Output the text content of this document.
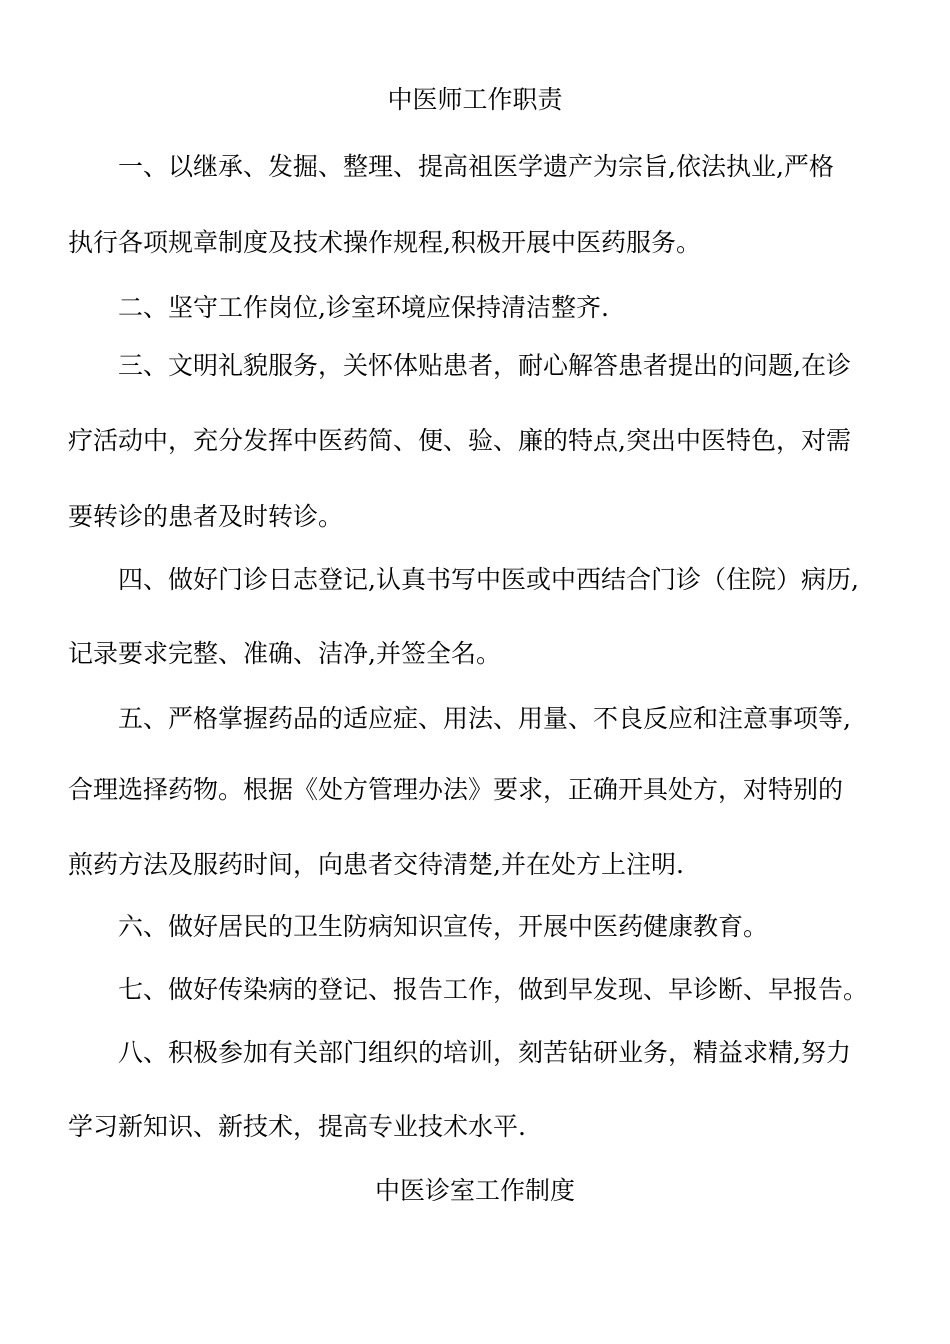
中医师工作职责
一、以继承、发掘、整理、提高祖医学遗产为宗旨,依法执业,严格
执行各项规章制度及技术操作规程,积极开展中医药服务。
二、坚守工作岗位,诊室环境应保持清洁整齐.
三、文明礼貌服务，关怀体贴患者，耐心解答患者提出的问题,在诊
疗活动中，充分发挥中医药简、便、验、廉的特点,突出中医特色，对需
要转诊的患者及时转诊。
四、做好门诊日志登记,认真书写中医或中西结合门诊（住院）病历,
记录要求完整、准确、洁净,并签全名。
五、严格掌握药品的适应症、用法、用量、不良反应和注意事项等,
合理选择药物。根据《处方管理办法》要求，正确开具处方，对特别的
煎药方法及服药时间，向患者交待清楚,并在处方上注明.
六、做好居民的卫生防病知识宣传，开展中医药健康教育。
七、做好传染病的登记、报告工作，做到早发现、早诊断、早报告。
八、积极参加有关部门组织的培训，刻苦钻研业务，精益求精,努力
学习新知识、新技术，提高专业技术水平.
中医诊室工作制度
